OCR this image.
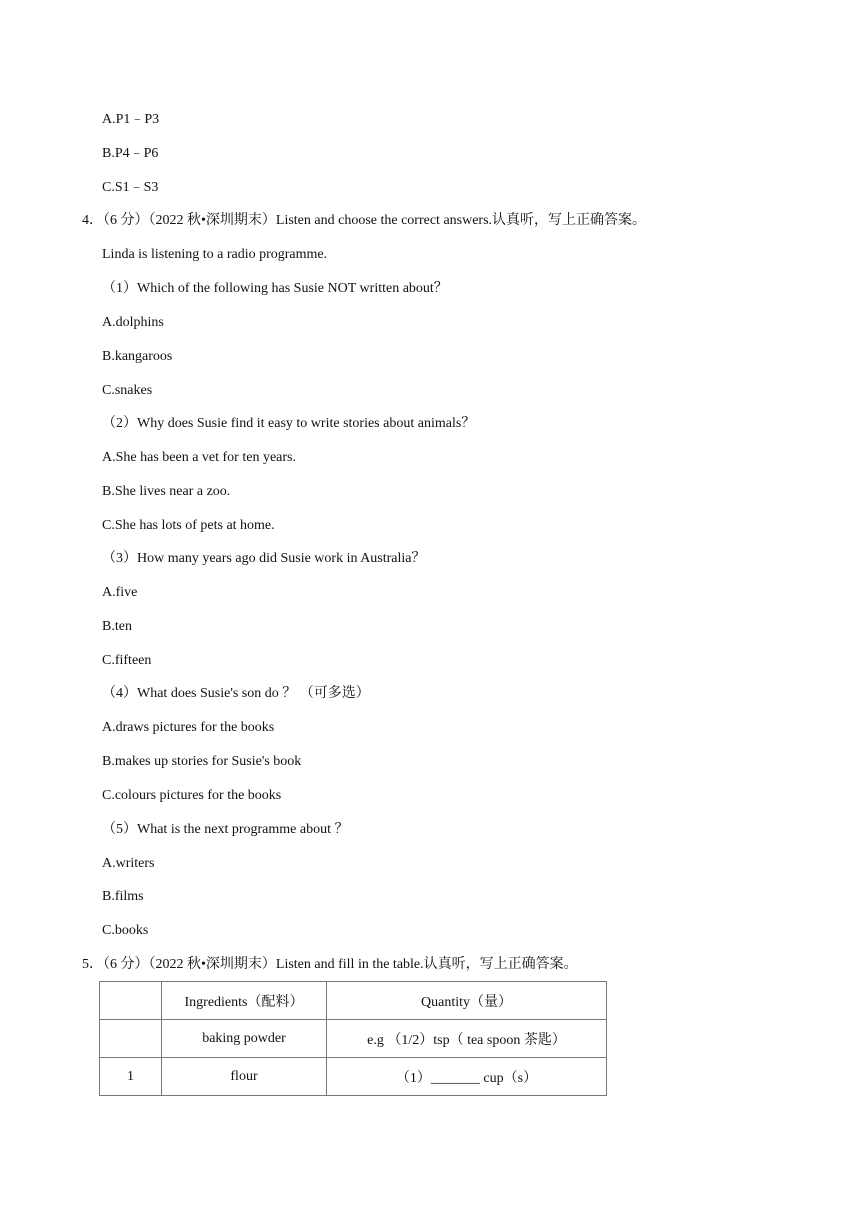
A.P1﹣P3
B.P4﹣P6
C.S1﹣S3
4．（6 分）（2022 秋•深圳期末）Listen and choose the correct answers.认真听，写上正确答案。
Linda is listening to a radio programme.
（1）Which of the following has Susie NOT written about？
A.dolphins
B.kangaroos
C.snakes
（2）Why does Susie find it easy to write stories about animals？
A.She has been a vet for ten years.
B.She lives near a zoo.
C.She has lots of pets at home.
（3）How many years ago did Susie work in Australia？
A.five
B.ten
C.fifteen
（4）What does Susie's son do ？ （可多选）
A.draws pictures for the books
B.makes up stories for Susie's book
C.colours pictures for the books
（5）What is the next programme about ？
A.writers
B.films
C.books
5．（6 分）（2022 秋•深圳期末）Listen and fill in the table.认真听，写上正确答案。
	Ingredients（配料）	Quantity（量）
	baking powder	e.g （1/2）tsp（ tea spoon 茶匙）
1	flour	（1）_______ cup（s）
